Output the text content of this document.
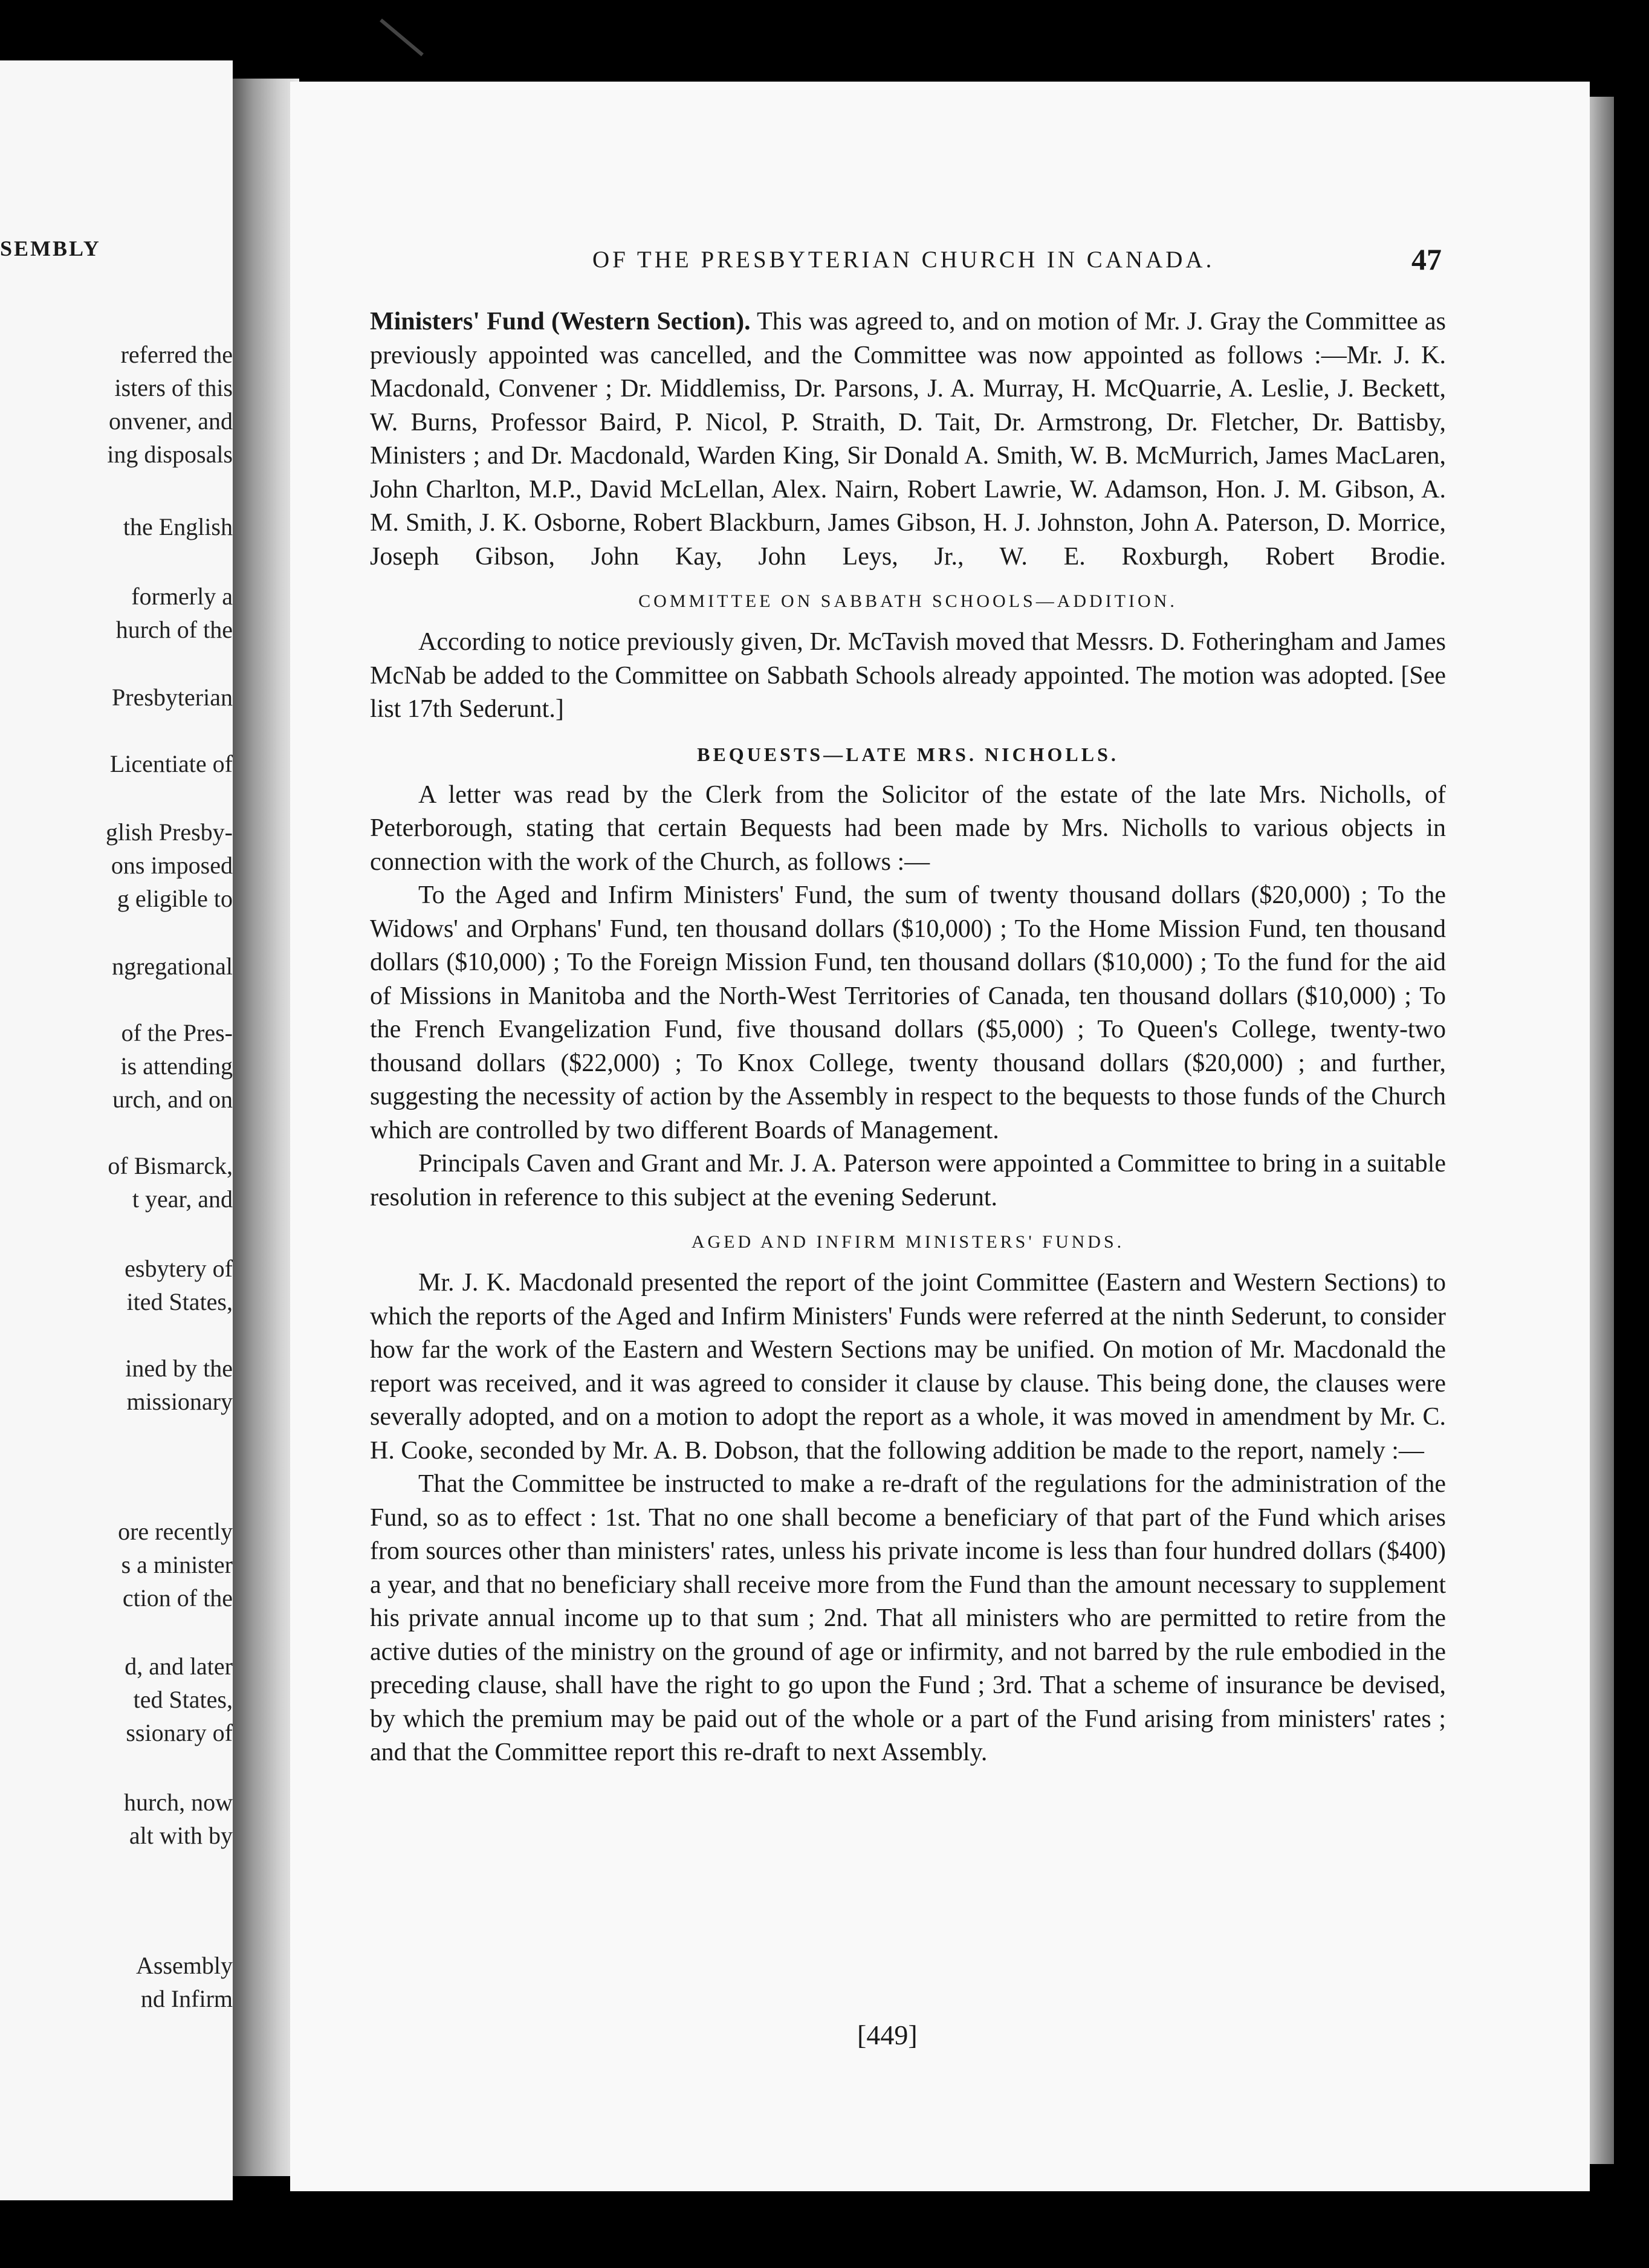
SEMBLY
referred the
isters of this
onvener, and
ing disposals
the English
formerly a
hurch of the
Presbyterian
Licentiate of
glish Presby-
ons imposed
g eligible to
ngregational
of the Pres-
is attending
urch, and on
of Bismarck,
t year, and
esbytery of
ited States,
ined by the
missionary
ore recently
s a minister
ction of the
d, and later
ted States,
ssionary of
hurch, now
alt with by
Assembly
nd Infirm
OF THE PRESBYTERIAN CHURCH IN CANADA.	47

Ministers' Fund (Western Section). This was agreed to, and on motion of Mr. J. Gray the Committee as previously appointed was cancelled, and the Committee was now appointed as follows :—Mr. J. K. Macdonald, Convener ; Dr. Middlemiss, Dr. Parsons, J. A. Murray, H. McQuarrie, A. Leslie, J. Beckett, W. Burns, Professor Baird, P. Nicol, P. Straith, D. Tait, Dr. Armstrong, Dr. Fletcher, Dr. Battisby, Ministers ; and Dr. Macdonald, Warden King, Sir Donald A. Smith, W. B. McMurrich, James MacLaren, John Charlton, M.P., David McLellan, Alex. Nairn, Robert Lawrie, W. Adamson, Hon. J. M. Gibson, A. M. Smith, J. K. Osborne, Robert Blackburn, James Gibson, H. J. Johnston, John A. Paterson, D. Morrice, Joseph Gibson, John Kay, John Leys, Jr., W. E. Roxburgh, Robert Brodie.

COMMITTEE ON SABBATH SCHOOLS—ADDITION.

According to notice previously given, Dr. McTavish moved that Messrs. D. Fotheringham and James McNab be added to the Committee on Sabbath Schools already appointed. The motion was adopted. [See list 17th Sederunt.]

BEQUESTS—LATE MRS. NICHOLLS.

A letter was read by the Clerk from the Solicitor of the estate of the late Mrs. Nicholls, of Peterborough, stating that certain Bequests had been made by Mrs. Nicholls to various objects in connection with the work of the Church, as follows :—

To the Aged and Infirm Ministers' Fund, the sum of twenty thousand dollars ($20,000) ; To the Widows' and Orphans' Fund, ten thousand dollars ($10,000) ; To the Home Mission Fund, ten thousand dollars ($10,000) ; To the Foreign Mission Fund, ten thousand dollars ($10,000) ; To the fund for the aid of Missions in Manitoba and the North-West Territories of Canada, ten thousand dollars ($10,000) ; To the French Evangelization Fund, five thousand dollars ($5,000) ; To Queen's College, twenty-two thousand dollars ($22,000) ; To Knox College, twenty thousand dollars ($20,000) ; and further, suggesting the necessity of action by the Assembly in respect to the bequests to those funds of the Church which are controlled by two different Boards of Management.

Principals Caven and Grant and Mr. J. A. Paterson were appointed a Committee to bring in a suitable resolution in reference to this subject at the evening Sederunt.

AGED AND INFIRM MINISTERS' FUNDS.

Mr. J. K. Macdonald presented the report of the joint Committee (Eastern and Western Sections) to which the reports of the Aged and Infirm Ministers' Funds were referred at the ninth Sederunt, to consider how far the work of the Eastern and Western Sections may be unified. On motion of Mr. Macdonald the report was received, and it was agreed to consider it clause by clause. This being done, the clauses were severally adopted, and on a motion to adopt the report as a whole, it was moved in amendment by Mr. C. H. Cooke, seconded by Mr. A. B. Dobson, that the following addition be made to the report, namely :—

That the Committee be instructed to make a re-draft of the regulations for the administration of the Fund, so as to effect : 1st. That no one shall become a beneficiary of that part of the Fund which arises from sources other than ministers' rates, unless his private income is less than four hundred dollars ($400) a year, and that no beneficiary shall receive more from the Fund than the amount necessary to supplement his private annual income up to that sum ; 2nd. That all ministers who are permitted to retire from the active duties of the ministry on the ground of age or infirmity, and not barred by the rule embodied in the preceding clause, shall have the right to go upon the Fund ; 3rd. That a scheme of insurance be devised, by which the premium may be paid out of the whole or a part of the Fund arising from ministers' rates ; and that the Committee report this re-draft to next Assembly.

[449]
